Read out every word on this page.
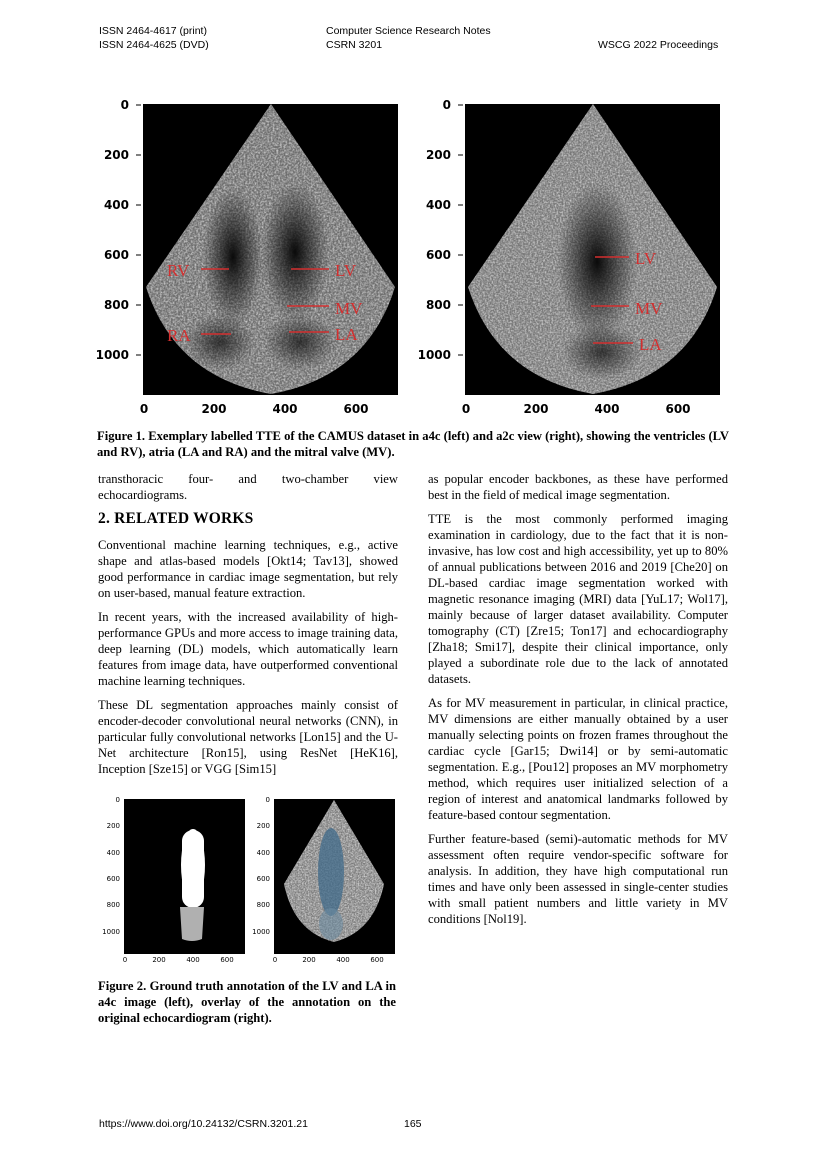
ISSN 2464-4617 (print)
ISSN 2464-4625 (DVD)
Computer Science Research Notes
CSRN 3201	WSCG 2022 Proceedings
RV	LV
MV
RA	LA
0
200
400
600
800
1000
0	200	400	600
LV
MV
LA
0
200
400
600
800
1000
0	200	400	600
Figure 1. Exemplary labelled TTE of the CAMUS dataset in a4c (left) and a2c view (right), showing the ventricles (LV and RV), atria (LA and RA) and the mitral valve (MV).

transthoracic four- and two-chamber view echocardiograms.

2. RELATED WORKS

Conventional machine learning techniques, e.g., active shape and atlas-based models [Okt14; Tav13], showed good performance in cardiac image segmentation, but rely on user-based, manual feature extraction.

In recent years, with the increased availability of high-performance GPUs and more access to image training data, deep learning (DL) models, which automatically learn features from image data, have outperformed conventional machine learning techniques.

These DL segmentation approaches mainly consist of encoder-decoder convolutional neural networks (CNN), in particular fully convolutional networks [Lon15] and the U-Net architecture [Ron15], using ResNet [HeK16], Inception [Sze15] or VGG [Sim15]

0
200
400
600
800
1000
0	200	400	600
0
200
400
600
800
1000
0	200	400	600
Figure 2. Ground truth annotation of the LV and LA in a4c image (left), overlay of the annotation on the original echocardiogram (right).

as popular encoder backbones, as these have performed best in the field of medical image segmentation.

TTE is the most commonly performed imaging examination in cardiology, due to the fact that it is non-invasive, has low cost and high accessibility, yet up to 80% of annual publications between 2016 and 2019 [Che20] on DL-based cardiac image segmentation worked with magnetic resonance imaging (MRI) data [YuL17; Wol17], mainly because of larger dataset availability. Computer tomography (CT) [Zre15; Ton17] and echocardiography [Zha18; Smi17], despite their clinical importance, only played a subordinate role due to the lack of annotated datasets.

As for MV measurement in particular, in clinical practice, MV dimensions are either manually obtained by a user manually selecting points on frozen frames throughout the cardiac cycle [Gar15; Dwi14] or by semi-automatic segmentation. E.g., [Pou12] proposes an MV morphometry method, which requires user initialized selection of a region of interest and anatomical landmarks followed by feature-based contour segmentation.

Further feature-based (semi)-automatic methods for MV assessment often require vendor-specific software for analysis. In addition, they have high computational run times and have only been assessed in single-center studies with small patient numbers and little variety in MV conditions [Nol19].

https://www.doi.org/10.24132/CSRN.3201.21	165
